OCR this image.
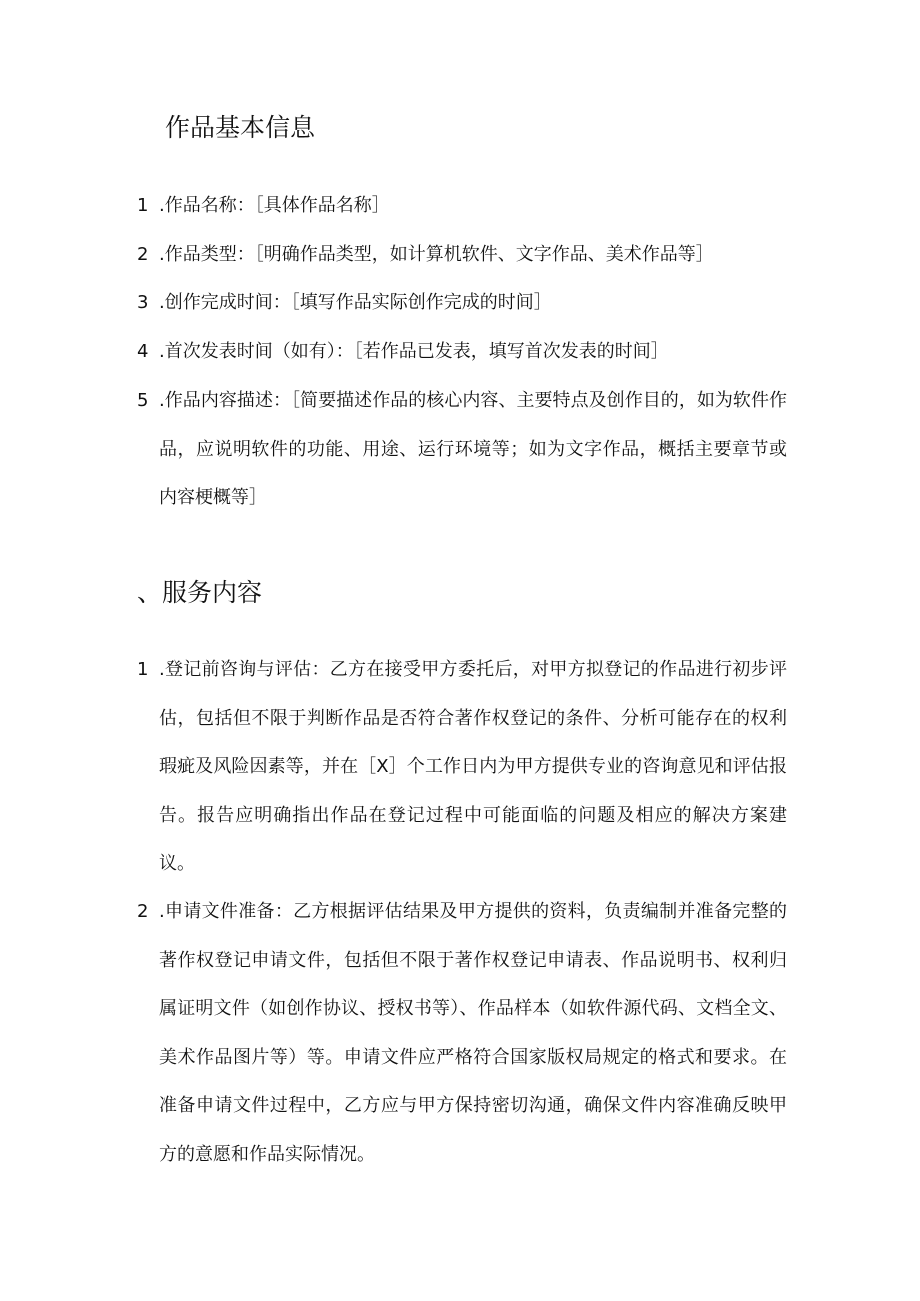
作品基本信息
1 .作品名称：［具体作品名称］
2 .作品类型：［明确作品类型，如计算机软件、文字作品、美术作品等］
3 .创作完成时间：［填写作品实际创作完成的时间］
4 .首次发表时间（如有）：［若作品已发表，填写首次发表的时间］
5 .作品内容描述：［简要描述作品的核心内容、主要特点及创作目的，如为软件作品，应说明软件的功能、用途、运行环境等；如为文字作品，概括主要章节或内容梗概等］
、服务内容
1 .登记前咨询与评估：乙方在接受甲方委托后，对甲方拟登记的作品进行初步评估，包括但不限于判断作品是否符合著作权登记的条件、分析可能存在的权利瑕疵及风险因素等，并在［X］个工作日内为甲方提供专业的咨询意见和评估报告。报告应明确指出作品在登记过程中可能面临的问题及相应的解决方案建议。
2 .申请文件准备：乙方根据评估结果及甲方提供的资料，负责编制并准备完整的著作权登记申请文件，包括但不限于著作权登记申请表、作品说明书、权利归属证明文件（如创作协议、授权书等）、作品样本（如软件源代码、文档全文、美术作品图片等）等。申请文件应严格符合国家版权局规定的格式和要求。在准备申请文件过程中，乙方应与甲方保持密切沟通，确保文件内容准确反映甲方的意愿和作品实际情况。
